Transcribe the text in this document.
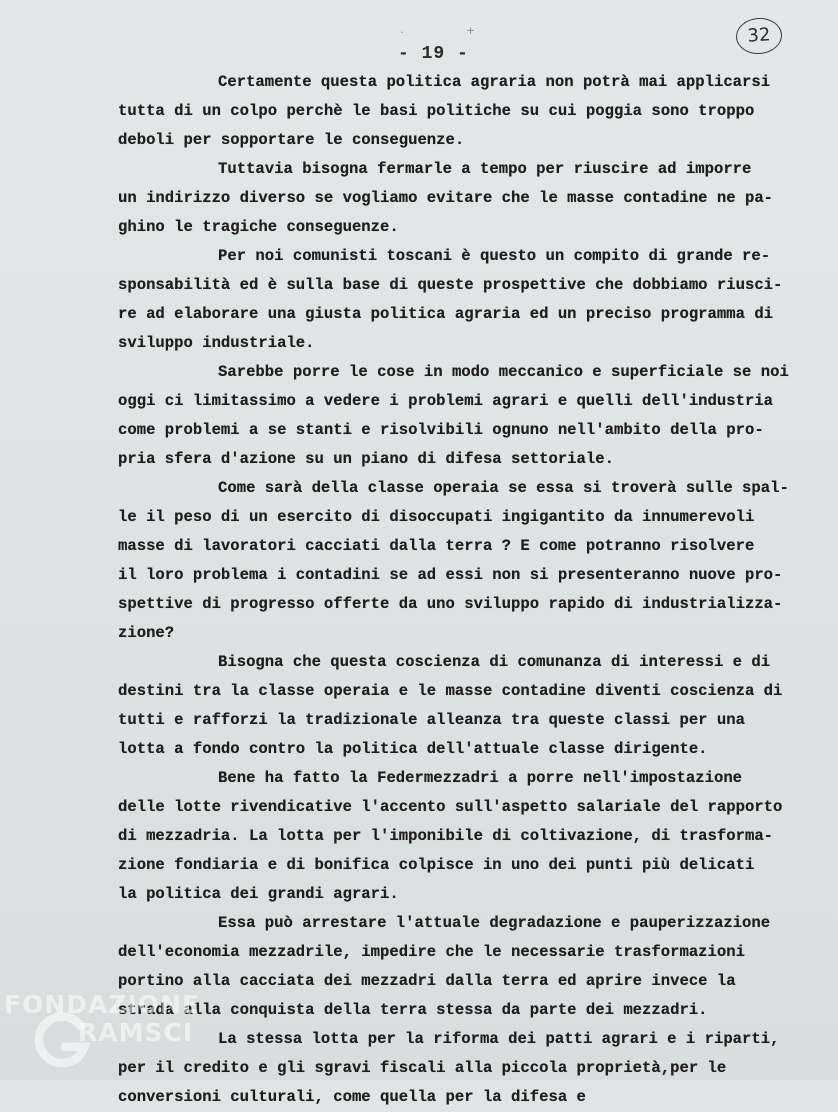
·	+
- 19 -
32
Certamente questa politica agraria non potrà mai applicarsi
tutta di un colpo perchè le basi politiche su cui poggia sono troppo
deboli per sopportare le conseguenze.
Tuttavia bisogna fermarle a tempo per riuscire ad imporre
un indirizzo diverso se vogliamo evitare che le masse contadine ne pa-
ghino le tragiche conseguenze.
Per noi comunisti toscani è questo un compito di grande re-
sponsabilità ed è sulla base di queste prospettive che dobbiamo riusci-
re ad elaborare una giusta politica agraria ed un preciso programma di
sviluppo industriale.
Sarebbe porre le cose in modo meccanico e superficiale se noi
oggi ci limitassimo a vedere i problemi agrari e quelli dell'industria
come problemi a se stanti e risolvibili ognuno nell'ambito della pro-
pria sfera d'azione su un piano di difesa settoriale.
Come sarà della classe operaia se essa si troverà sulle spal-
le il peso di un esercito di disoccupati ingigantito da innumerevoli
masse di lavoratori cacciati dalla terra ? E come potranno risolvere
il loro problema i contadini se ad essi non si presenteranno nuove pro-
spettive di progresso offerte da uno sviluppo rapido di industrializza-
zione?
Bisogna che questa coscienza di comunanza di interessi e di
destini tra la classe operaia e le masse contadine diventi coscienza di
tutti e rafforzi la tradizionale alleanza tra queste classi per una
lotta a fondo contro la politica dell'attuale classe dirigente.
Bene ha fatto la Federmezzadri a porre nell'impostazione
delle lotte rivendicative l'accento sull'aspetto salariale del rapporto
di mezzadria. La lotta per l'imponibile di coltivazione, di trasforma-
zione fondiaria e di bonifica colpisce in uno dei punti più delicati
la politica dei grandi agrari.
Essa può arrestare l'attuale degradazione e pauperizzazione
dell'economia mezzadrile, impedire che le necessarie trasformazioni
portino alla cacciata dei mezzadri dalla terra ed aprire invece la
strada alla conquista della terra stessa da parte dei mezzadri.
La stessa lotta per la riforma dei patti agrari e i riparti,
per il credito e gli sgravi fiscali alla piccola proprietà,per le
conversioni culturali, come quella per la difesa e
FONDAZIONE
RAMSCI
